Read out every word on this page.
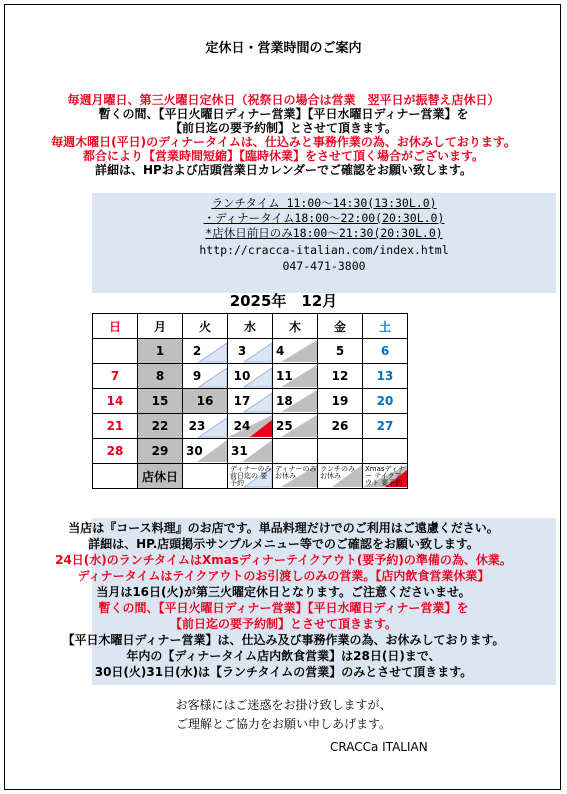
定休日・営業時間のご案内
毎週月曜日、第三火曜日定休日（祝祭日の場合は営業　翌平日が振替え店休日）
暫くの間、【平日火曜日ディナー営業】【平日水曜日ディナー営業】を
【前日迄の要予約制】とさせて頂きます。
毎週木曜日(平日)のディナータイムは、仕込みと事務作業の為、お休みしております。
都合により【営業時間短縮】【臨時休業】をさせて頂く場合がございます。
詳細は、HPおよび店頭営業日カレンダーでご確認をお願い致します。
ランチタイム 11:00～14:30(13:30L.0)
・ディナータイム18:00～22:00(20:30L.0)
*店休日前日のみ18:00～21:30(20:30L.0)
http://cracca-italian.com/index.html
047-471-3800
2025年　12月
日	月	火	水	木	金	土
	1	2	3	4	5	6
7	8	9	10	11	12	13
14	15	16	17	18	19	20
21	22	23	24	25	26	27
28	29	30	31			

	店休日		ディナーのみ 前日迄の 要予約	ディナーのみ お休み	ランチのみ お休み	Xmasディナー テイクアウト 要予約
当店は『コース料理』のお店です。単品料理だけでのご利用はご遠慮ください。
詳細は、HP.店頭掲示サンプルメニュー等でのご確認をお願い致します。
24日(水)のランチタイムはXmasディナーテイクアウト(要予約)の準備の為、休業。
ディナータイムはテイクアウトのお引渡しのみの営業。【店内飲食営業休業】
当月は16日(火)が第三火曜定休日となります。ご注意くださいませ。
暫くの間、【平日火曜日ディナー営業】【平日水曜日ディナー営業】を
【前日迄の要予約制】とさせて頂きます。
【平日木曜日ディナー営業】は、仕込み及び事務作業の為、お休みしております。
年内の【ディナータイム店内飲食営業】は28日(日)まで、
30日(火)31日(水)は【ランチタイムの営業】のみとさせて頂きます。
お客様にはご迷惑をお掛け致しますが、
ご理解とご協力をお願い申しあげます。
CRACCa ITALIAN
